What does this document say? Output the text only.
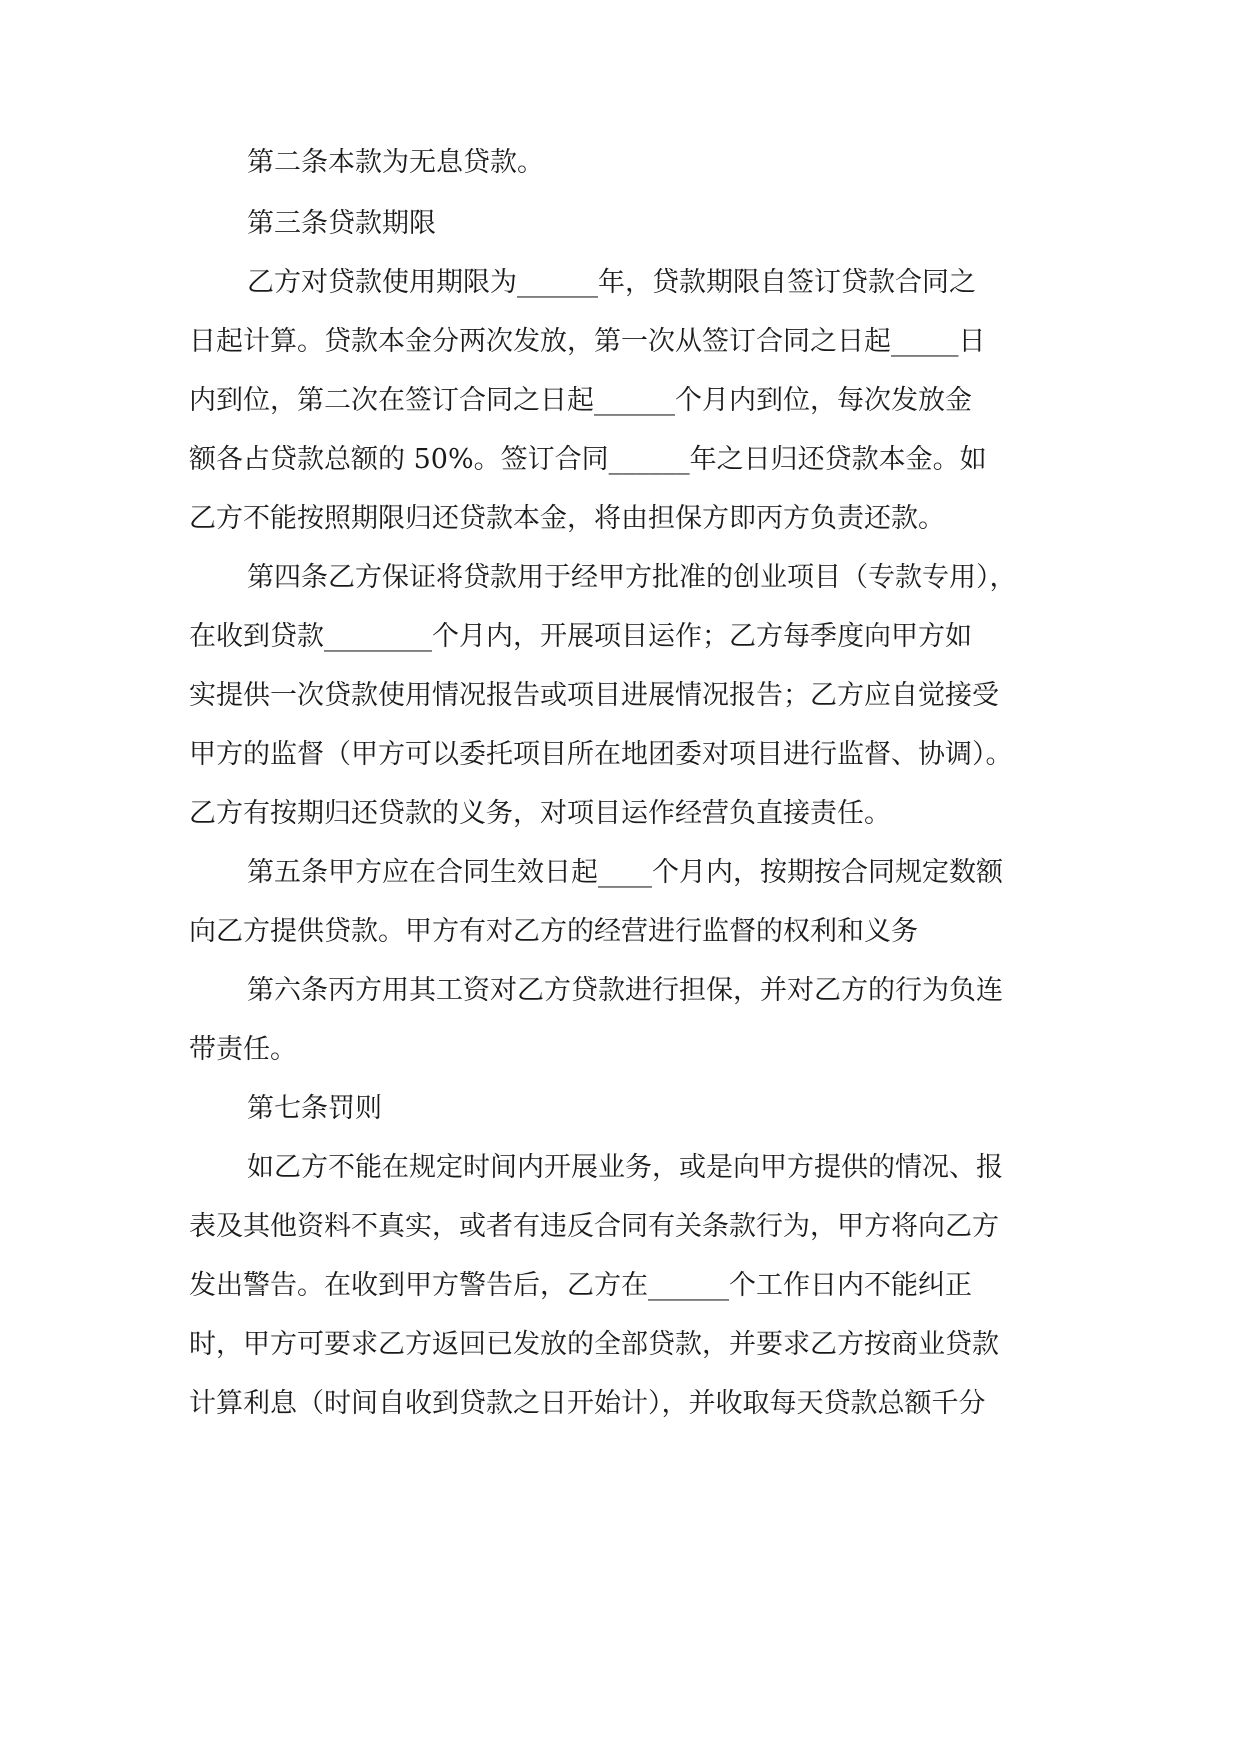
第二条本款为无息贷款。
第三条贷款期限
乙方对贷款使用期限为______年，贷款期限自签订贷款合同之
日起计算。贷款本金分两次发放，第一次从签订合同之日起_____日
内到位，第二次在签订合同之日起______个月内到位，每次发放金
额各占贷款总额的 50%。签订合同______年之日归还贷款本金。如
乙方不能按照期限归还贷款本金，将由担保方即丙方负责还款。
第四条乙方保证将贷款用于经甲方批准的创业项目（专款专用），
在收到贷款________个月内，开展项目运作；乙方每季度向甲方如
实提供一次贷款使用情况报告或项目进展情况报告；乙方应自觉接受
甲方的监督（甲方可以委托项目所在地团委对项目进行监督、协调）。
乙方有按期归还贷款的义务，对项目运作经营负直接责任。
第五条甲方应在合同生效日起____个月内，按期按合同规定数额
向乙方提供贷款。甲方有对乙方的经营进行监督的权利和义务
第六条丙方用其工资对乙方贷款进行担保，并对乙方的行为负连
带责任。
第七条罚则
如乙方不能在规定时间内开展业务，或是向甲方提供的情况、报
表及其他资料不真实，或者有违反合同有关条款行为，甲方将向乙方
发出警告。在收到甲方警告后，乙方在______个工作日内不能纠正
时，甲方可要求乙方返回已发放的全部贷款，并要求乙方按商业贷款
计算利息（时间自收到贷款之日开始计），并收取每天贷款总额千分
